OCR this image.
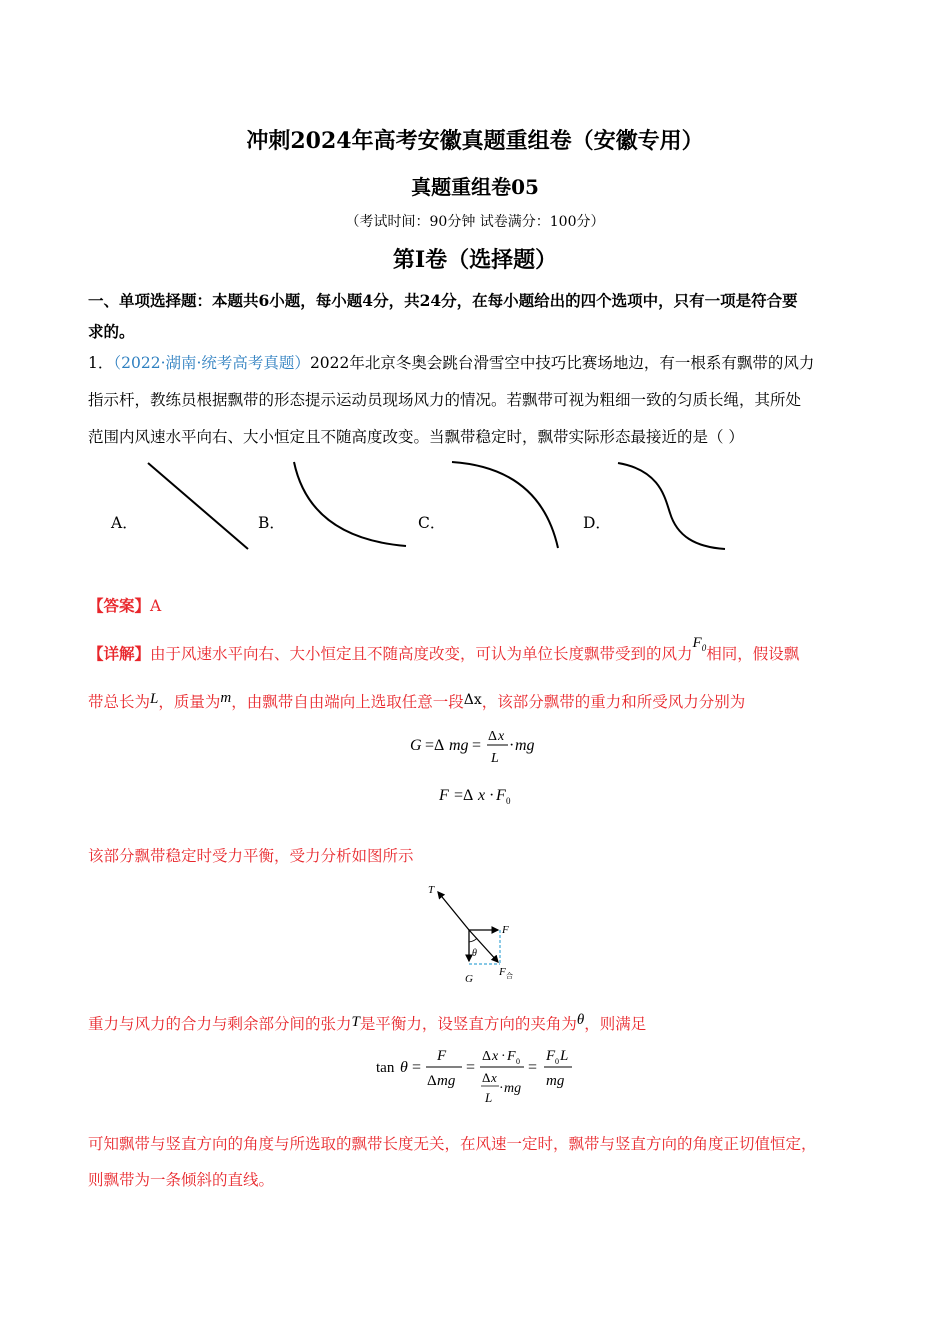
冲刺2024年高考安徽真题重组卷（安徽专用）
真题重组卷05
（考试时间：90分钟 试卷满分：100分）
第I卷（选择题）
一、单项选择题：本题共6小题，每小题4分，共24分，在每小题给出的四个选项中，只有一项是符合要
求的。
1．（2022·湖南·统考高考真题）2022年北京冬奥会跳台滑雪空中技巧比赛场地边，有一根系有飘带的风力
指示杆，教练员根据飘带的形态提示运动员现场风力的情况。若飘带可视为粗细一致的匀质长绳，其所处
范围内风速水平向右、大小恒定且不随高度改变。当飘带稳定时，飘带实际形态最接近的是（ ）
A．	B．	C．	D．
【答案】A
【详解】由于风速水平向右、大小恒定且不随高度改变，可认为单位长度飘带受到的风力$F_0$相同，假设飘
带总长为L，质量为m，由飘带自由端向上选取任意一段Δx，该部分飘带的重力和所受风力分别为
G =Δ mg =
Δ x
L
· mg
F =Δ x · F 0
该部分飘带稳定时受力平衡，受力分析如图所示
T
F
G
F 合
θ
重力与风力的合力与剩余部分间的张力T是平衡力，设竖直方向的夹角为θ，则满足
tan θ =
F
Δ mg
=
Δ x · F 0
Δ x
L
· mg
=
F 0 L
mg
可知飘带与竖直方向的角度与所选取的飘带长度无关，在风速一定时，飘带与竖直方向的角度正切值恒定，
则飘带为一条倾斜的直线。
